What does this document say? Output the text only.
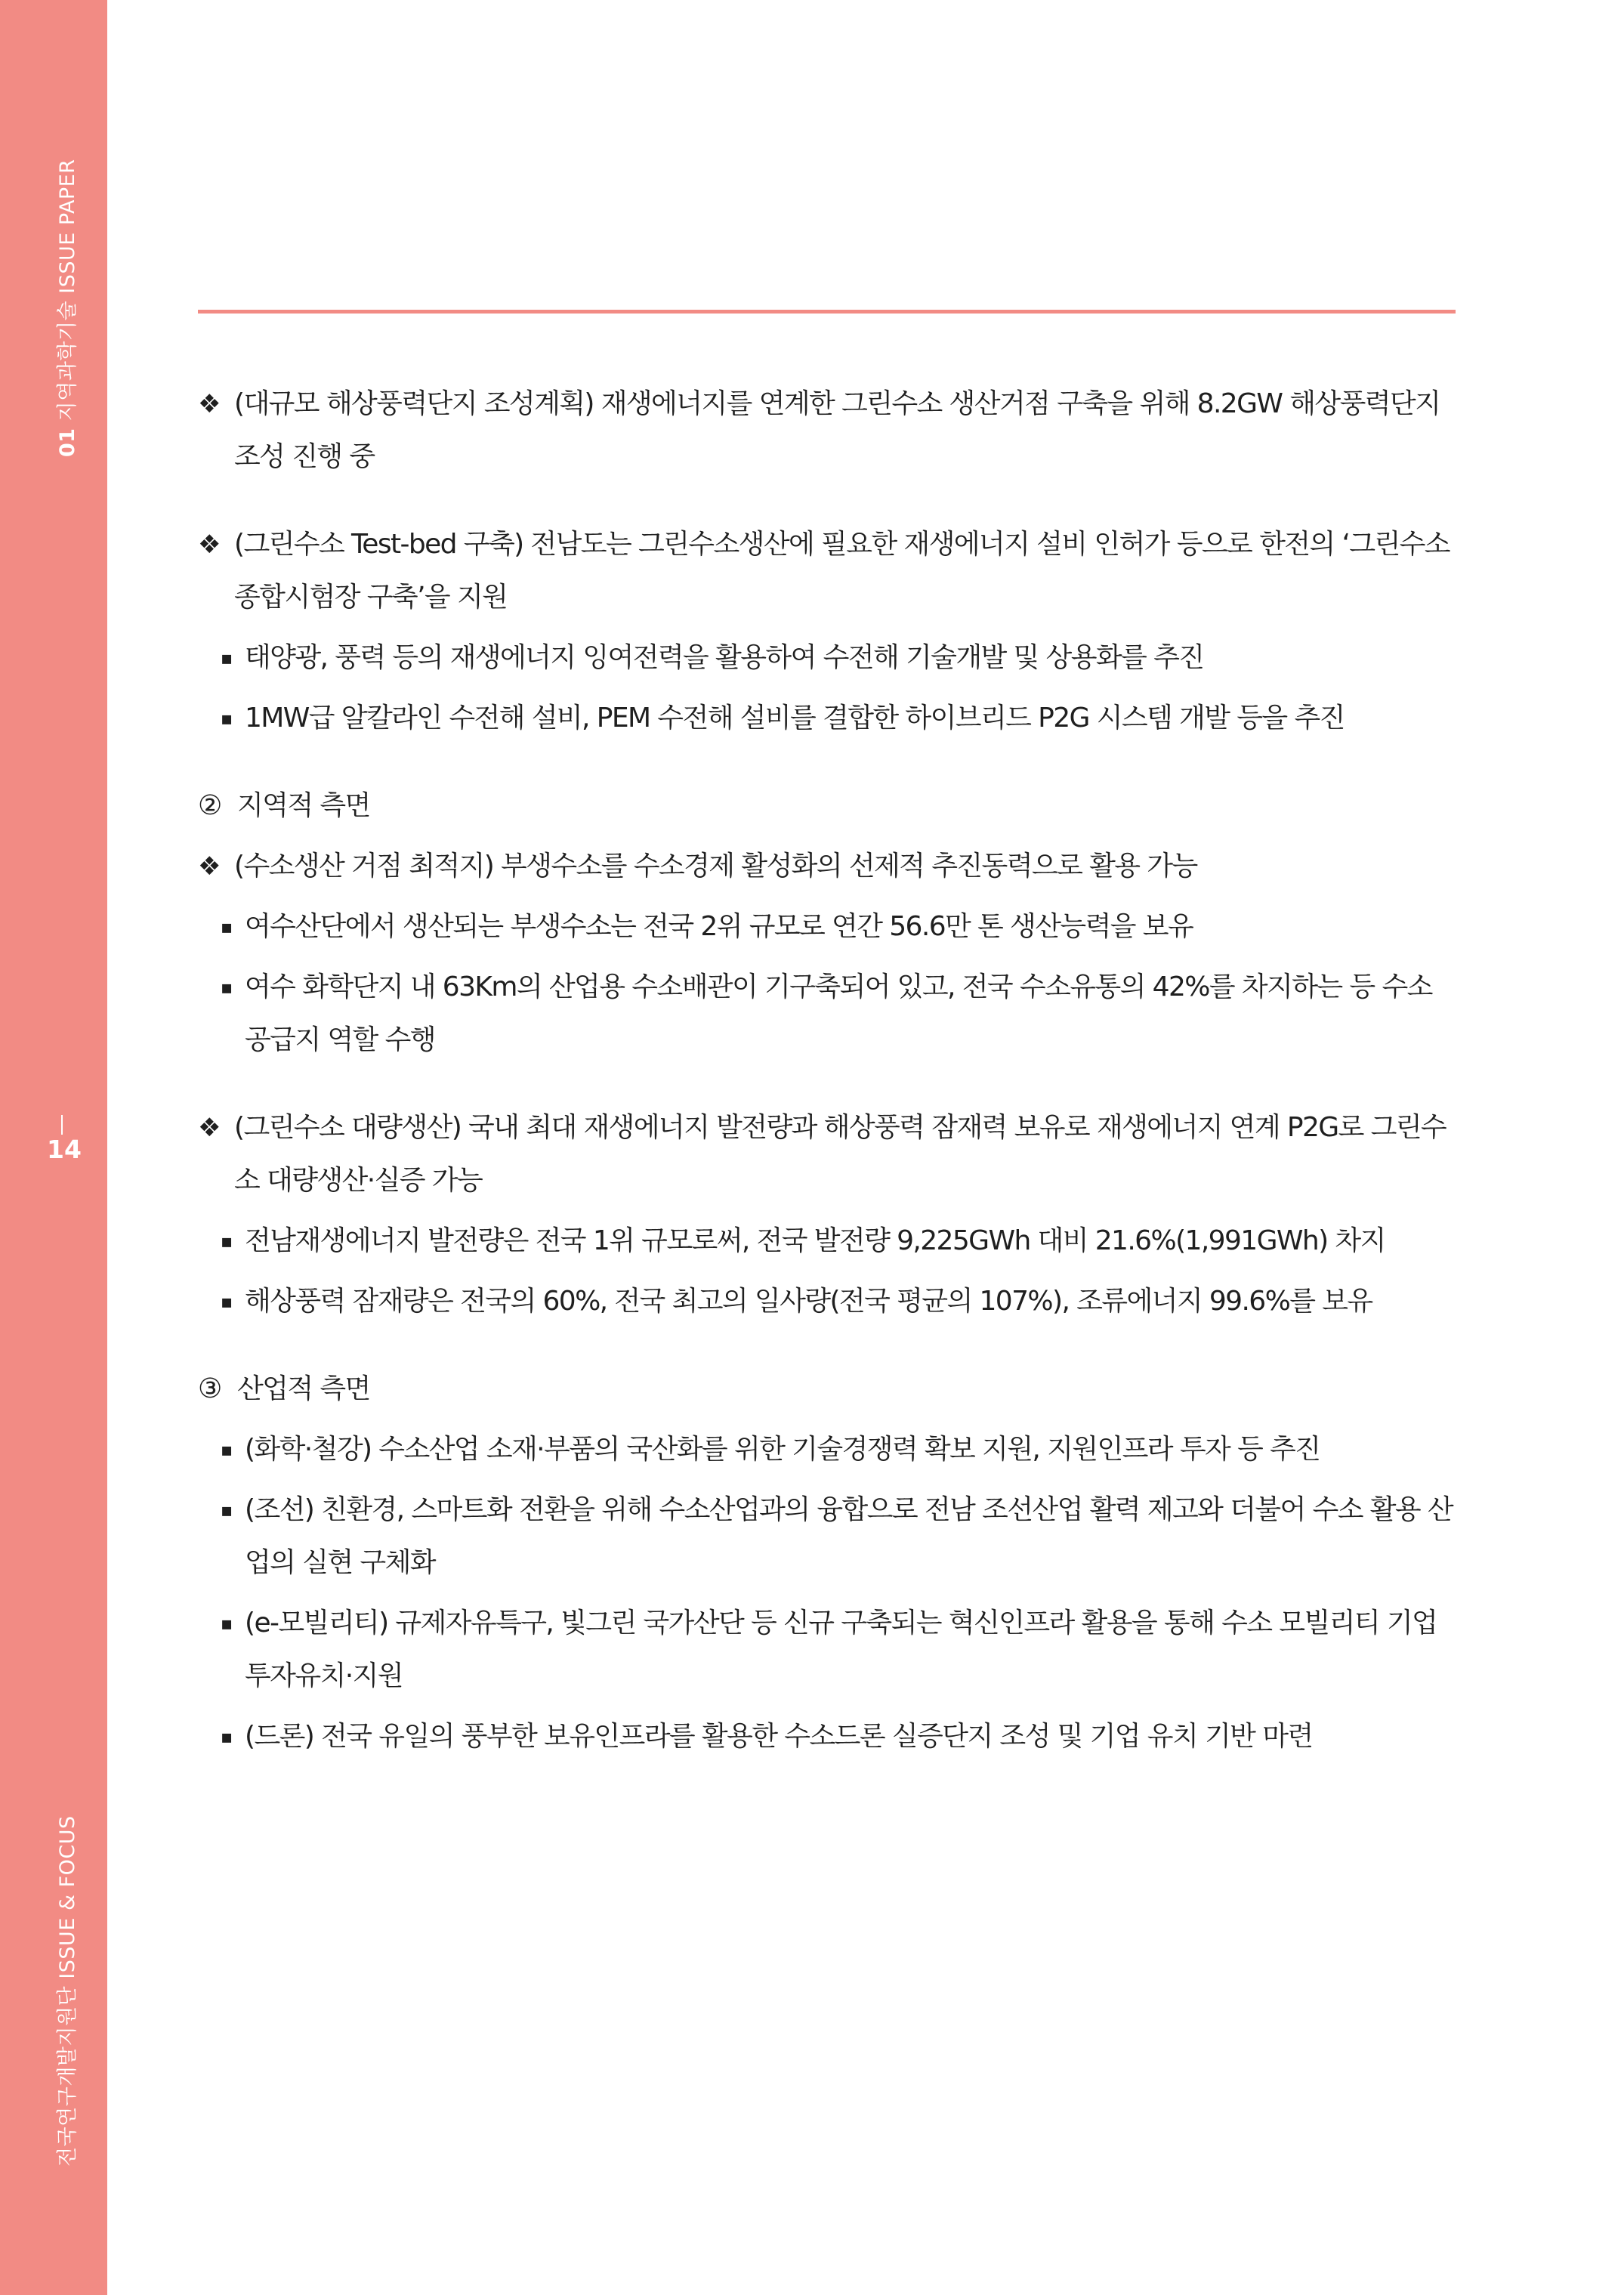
01 지역과학기술 ISSUE PAPER
14
전국연구개발지원단 ISSUE & FOCUS
❖ (대규모 해상풍력단지 조성계획) 재생에너지를 연계한 그린수소 생산거점 구축을 위해 8.2GW 해상풍력단지 조성 진행 중
❖ (그린수소 Test-bed 구축) 전남도는 그린수소생산에 필요한 재생에너지 설비 인허가 등으로 한전의 ‘그린수소 종합시험장 구축’을 지원
▪ 태양광, 풍력 등의 재생에너지 잉여전력을 활용하여 수전해 기술개발 및 상용화를 추진
▪ 1MW급 알칼라인 수전해 설비, PEM 수전해 설비를 결합한 하이브리드 P2G 시스템 개발 등을 추진
② 지역적 측면
❖ (수소생산 거점 최적지) 부생수소를 수소경제 활성화의 선제적 추진동력으로 활용 가능
▪ 여수산단에서 생산되는 부생수소는 전국 2위 규모로 연간 56.6만 톤 생산능력을 보유
▪ 여수 화학단지 내 63Km의 산업용 수소배관이 기구축되어 있고, 전국 수소유통의 42%를 차지하는 등 수소 공급지 역할 수행
❖ (그린수소 대량생산) 국내 최대 재생에너지 발전량과 해상풍력 잠재력 보유로 재생에너지 연계 P2G로 그린수소 대량생산·실증 가능
▪ 전남재생에너지 발전량은 전국 1위 규모로써, 전국 발전량 9,225GWh 대비 21.6%(1,991GWh) 차지
▪ 해상풍력 잠재량은 전국의 60%, 전국 최고의 일사량(전국 평균의 107%), 조류에너지 99.6%를 보유
③ 산업적 측면
▪ (화학·철강) 수소산업 소재·부품의 국산화를 위한 기술경쟁력 확보 지원, 지원인프라 투자 등 추진
▪ (조선) 친환경, 스마트화 전환을 위해 수소산업과의 융합으로 전남 조선산업 활력 제고와 더불어 수소 활용 산업의 실현 구체화
▪ (e-모빌리티) 규제자유특구, 빛그린 국가산단 등 신규 구축되는 혁신인프라 활용을 통해 수소 모빌리티 기업 투자유치·지원
▪ (드론) 전국 유일의 풍부한 보유인프라를 활용한 수소드론 실증단지 조성 및 기업 유치 기반 마련
